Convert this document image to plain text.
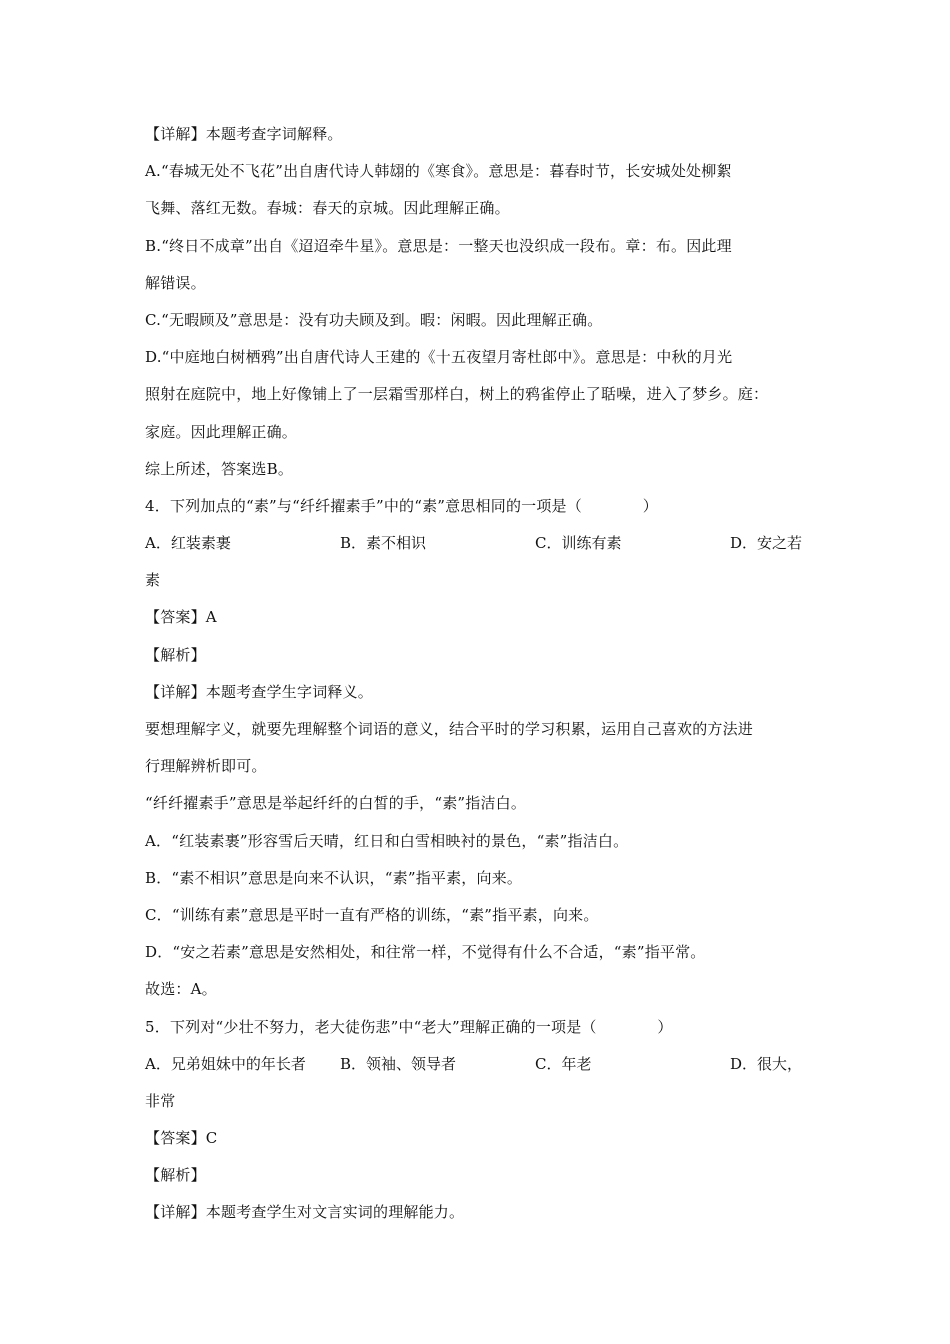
【详解】本题考查字词解释。
A.“春城无处不飞花”出自唐代诗人韩翃的《寒食》。意思是：暮春时节，长安城处处柳絮
飞舞、落红无数。春城：春天的京城。因此理解正确。
B.“终日不成章”出自《迢迢牵牛星》。意思是：一整天也没织成一段布。章：布。因此理
解错误。
C.“无暇顾及”意思是：没有功夫顾及到。暇：闲暇。因此理解正确。
D.“中庭地白树栖鸦”出自唐代诗人王建的《十五夜望月寄杜郎中》。意思是：中秋的月光
照射在庭院中，地上好像铺上了一层霜雪那样白，树上的鸦雀停止了聒噪，进入了梦乡。庭：
家庭。因此理解正确。
综上所述，答案选B。
4．下列加点的“素”与“纤纤擢素手”中的“素”意思相同的一项是（　　　　）
A．红装素裹	B．素不相识	C．训练有素	D．安之若
素
【答案】A
【解析】
【详解】本题考查学生字词释义。
要想理解字义，就要先理解整个词语的意义，结合平时的学习积累，运用自己喜欢的方法进
行理解辨析即可。
“纤纤擢素手”意思是举起纤纤的白皙的手，“素”指洁白。
A．“红装素裹”形容雪后天晴，红日和白雪相映衬的景色，“素”指洁白。
B．“素不相识”意思是向来不认识，“素”指平素，向来。
C．“训练有素”意思是平时一直有严格的训练，“素”指平素，向来。
D．“安之若素”意思是安然相处，和往常一样，不觉得有什么不合适，“素”指平常。
故选：A。
5．下列对“少壮不努力，老大徒伤悲”中“老大”理解正确的一项是（　　　　）
A．兄弟姐妹中的年长者	B．领袖、领导者	C．年老	D．很大，
非常
【答案】C
【解析】
【详解】本题考查学生对文言实词的理解能力。
